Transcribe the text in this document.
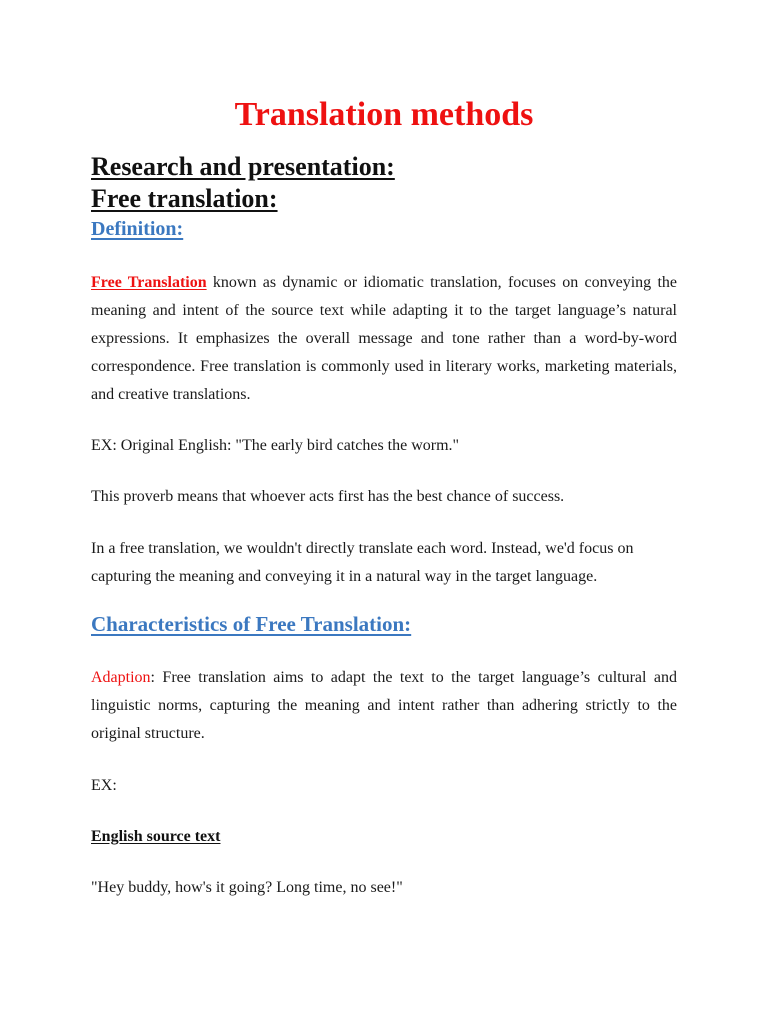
Translation methods
Research and presentation:
Free translation:
Definition:

Free Translation known as dynamic or idiomatic translation, focuses on conveying the meaning and intent of the source text while adapting it to the target language’s natural expressions. It emphasizes the overall message and tone rather than a word-by-word correspondence. Free translation is commonly used in literary works, marketing materials, and creative translations.

EX: Original English: "The early bird catches the worm."

This proverb means that whoever acts first has the best chance of success.

In a free translation, we wouldn't directly translate each word. Instead, we'd focus on capturing the meaning and conveying it in a natural way in the target language.

Characteristics of Free Translation:

Adaption: Free translation aims to adapt the text to the target language’s cultural and linguistic norms, capturing the meaning and intent rather than adhering strictly to the original structure.

EX:

English source text

"Hey buddy, how's it going? Long time, no see!"
